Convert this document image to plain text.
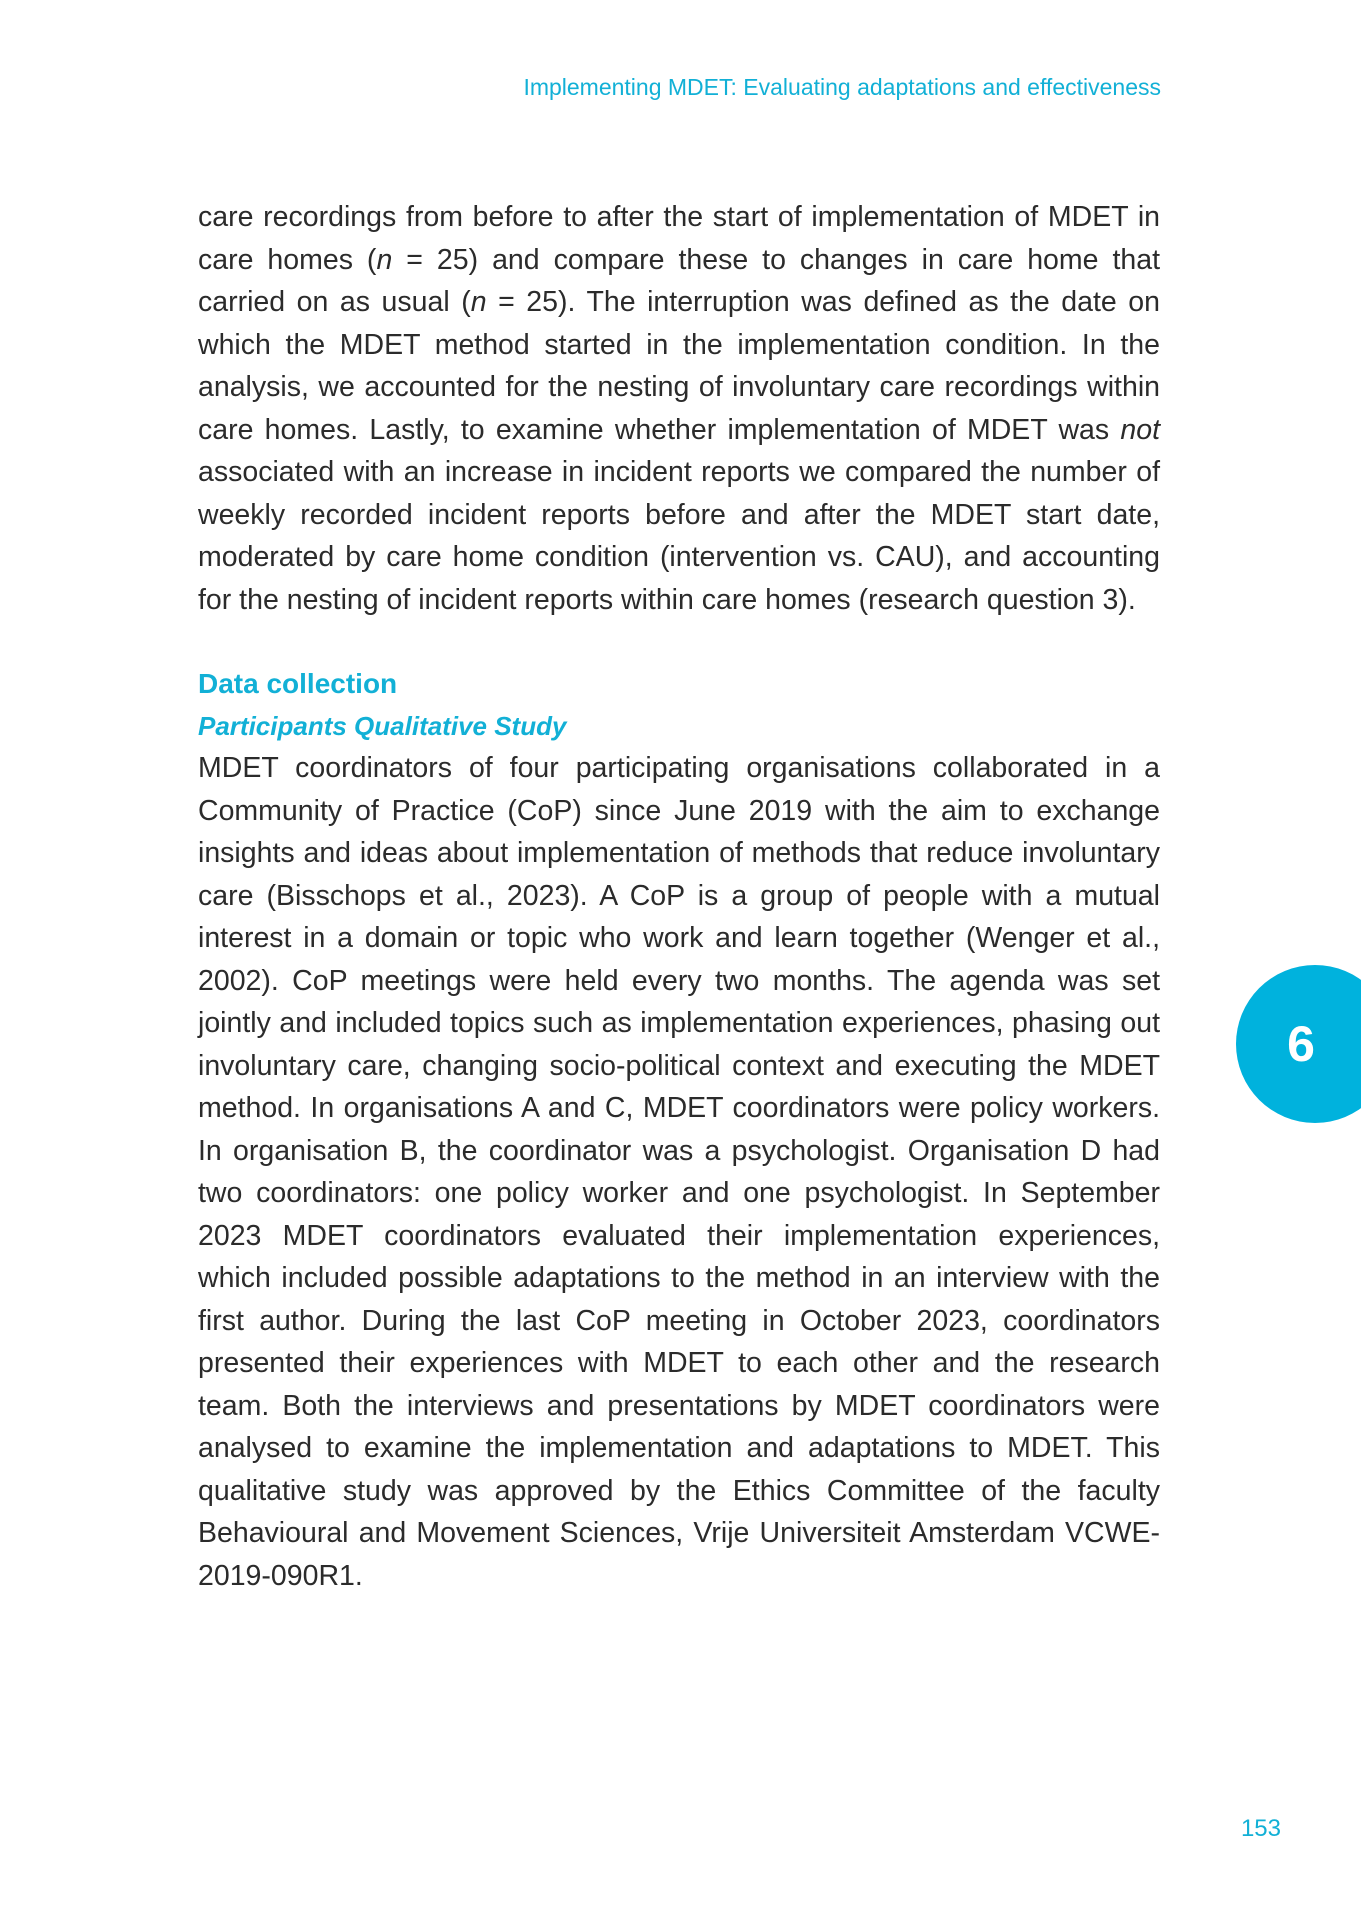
Implementing MDET: Evaluating adaptations and effectiveness

care recordings from before to after the start of implementation of MDET in care homes (n = 25) and compare these to changes in care home that carried on as usual (n = 25). The interruption was defined as the date on which the MDET method started in the implementation condition. In the analysis, we accounted for the nesting of involuntary care recordings within care homes. Lastly, to examine whether implementation of MDET was not associated with an increase in incident reports we compared the number of weekly recorded incident reports before and after the MDET start date, moderated by care home condition (intervention vs. CAU), and accounting for the nesting of incident reports within care homes (research question 3).

Data collection
Participants Qualitative Study

MDET coordinators of four participating organisations collaborated in a Community of Practice (CoP) since June 2019 with the aim to exchange insights and ideas about implementation of methods that reduce involuntary care (Bisschops et al., 2023). A CoP is a group of people with a mutual interest in a domain or topic who work and learn together (Wenger et al., 2002). CoP meetings were held every two months. The agenda was set jointly and included topics such as implementation experiences, phasing out involuntary care, changing socio-political context and executing the MDET method. In organisations A and C, MDET coordinators were policy workers. In organisation B, the coordinator was a psychologist. Organisation D had two coordinators: one policy worker and one psychologist. In September 2023 MDET coordinators evaluated their implementation experiences, which included possible adaptations to the method in an interview with the first author. During the last CoP meeting in October 2023, coordinators presented their experiences with MDET to each other and the research team. Both the interviews and presentations by MDET coordinators were analysed to examine the implementation and adaptations to MDET. This qualitative study was approved by the Ethics Committee of the faculty Behavioural and Movement Sciences, Vrije Universiteit Amsterdam VCWE-2019-090R1.

6
153
